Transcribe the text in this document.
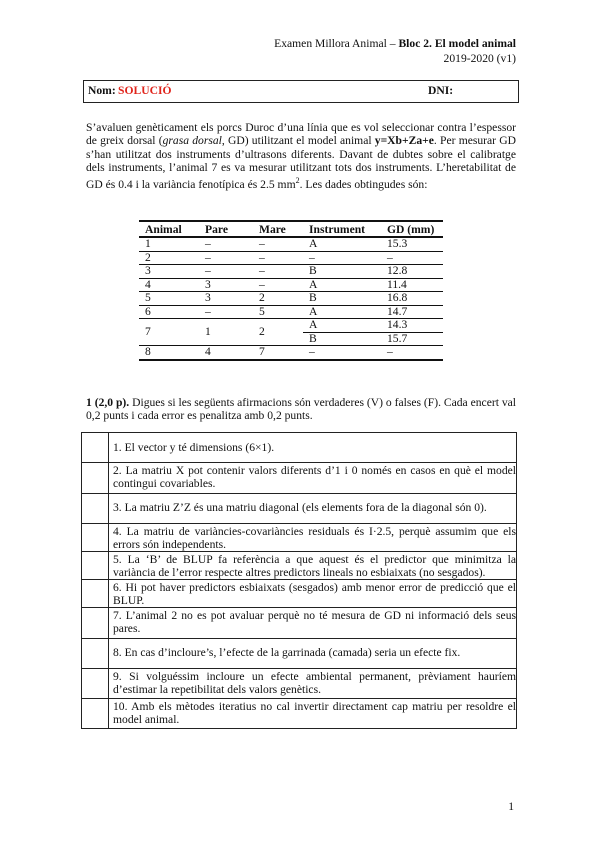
Examen Millora Animal – Bloc 2. El model animal
2019-2020 (v1)
Nom: SOLUCIÓ	DNI:
S’avaluen genèticament els porcs Duroc d’una línia que es vol seleccionar contra l’espessor de greix dorsal (grasa dorsal, GD) utilitzant el model animal y=Xb+Za+e. Per mesurar GD s’han utilitzat dos instruments d’ultrasons diferents. Davant de dubtes sobre el calibratge dels instruments, l’animal 7 es va mesurar utilitzant tots dos instruments. L’heretabilitat de GD és 0.4 i la variància fenotípica és 2.5 $mm^2$. Les dades obtingudes són:
Animal	Pare	Mare	Instrument	GD (mm)
1	–	–	A	15.3
2	–	–	–	–
3	–	–	B	12.8
4	3	–	A	11.4
5	3	2	B	16.8
6	–	5	A	14.7
7	1	2	A	14.3
			B	15.7
8	4	7	–	–
1 (2,0 p). Digues si les següents afirmacions són verdaderes (V) o falses (F). Cada encert val 0,2 punts i cada error es penalitza amb 0,2 punts.
1. El vector y té dimensions (6×1).
2. La matriu X pot contenir valors diferents d’1 i 0 només en casos en què el model contingui covariables.
3. La matriu Z’Z és una matriu diagonal (els elements fora de la diagonal són 0).
4. La matriu de variàncies-covariàncies residuals és I·2.5, perquè assumim que els errors són independents.
5. La ‘B’ de BLUP fa referència a que aquest és el predictor que minimitza la variància de l’error respecte altres predictors lineals no esbiaixats (no sesgados).
6. Hi pot haver predictors esbiaixats (sesgados) amb menor error de predicció que el BLUP.
7. L’animal 2 no es pot avaluar perquè no té mesura de GD ni informació dels seus pares.
8. En cas d’incloure’s, l’efecte de la garrinada (camada) seria un efecte fix.
9. Si volguéssim incloure un efecte ambiental permanent, prèviament hauríem d’estimar la repetibilitat dels valors genètics.
10. Amb els mètodes iteratius no cal invertir directament cap matriu per resoldre el model animal.
1
